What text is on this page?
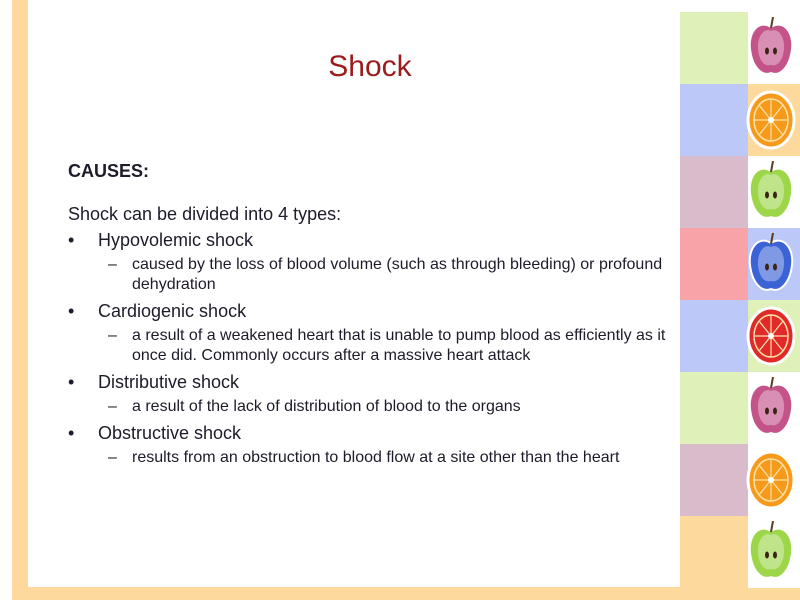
Shock

CAUSES:

Shock can be divided into 4 types:

• Hypovolemic shock
– caused by the loss of blood volume (such as through bleeding) or profound dehydration
• Cardiogenic shock
– a result of a weakened heart that is unable to pump blood as efficiently as it once did. Commonly occurs after a massive heart attack
• Distributive shock
– a result of the lack of distribution of blood to the organs
• Obstructive shock
– results from an obstruction to blood flow at a site other than the heart
